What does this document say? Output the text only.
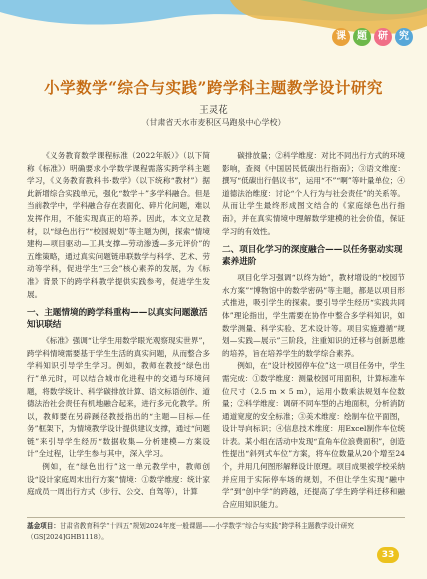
课	题	研	究
小学数学“综合与实践”跨学科主题教学设计研究
王灵花
（甘肃省天水市麦积区马跑泉中心学校）

《义务教育数学课程标准（2022年版）》（以下简称《标准》）明确要求小学数学课程需落实跨学科主题学习，《义务教育教科书·数学》（以下统称“教材”）据此新增综合实践单元，强化“数学＋”多学科融合。但是当前教学中，学科融合存在表面化、碎片化问题，难以发挥作用，不能实现真正的培养。因此，本文立足教材，以“绿色出行”“校园规划”等主题为例，探索“情境建构—项目驱动—工具支撑—劳动渗透—多元评价”的五维策略，通过真实问题链串联数学与科学、艺术、劳动等学科，促进学生“三会”核心素养的发展，为《标准》背景下的跨学科教学提供实践参考，促进学生发展。

一、主题情境的跨学科重构——以真实问题激活知识联结

《标准》强调“让学生用数学眼光观察现实世界”，跨学科情境需要基于学生生活的真实问题，从而整合多学科知识引导学生学习。例如，教师在教授“绿色出行”单元时，可以结合城市化进程中的交通与环境问题，将数学统计、科学碳排放计算、语文标语创作、道德法治社会责任有机地融合起来，进行多元化教学。所以，教师要在另辟蹊径教授指出的“主题—目标—任务”框架下，为情境教学设计提供建议支撑，通过“问题链”来引导学生经历“数据收集—分析建模—方案设计”全过程，让学生参与其中，深入学习。

例如，在“绿色出行”这一单元教学中，教师创设“设计家庭周末出行方案”情境：①数学维度：统计家庭成员一周出行方式（步行、公交、自驾等），计算

碳排放量；②科学维度：对比不同出行方式的环境影响，查阅《中国居民低碳出行指南》；③语文维度：撰写“低碳出行倡议书”，运用“不”“啊”等叶量单位；④道德法治维度：讨论“个人行为与社会责任”的关系等。从而让学生最终形成图文结合的《家庭绿色出行指南》，并在真实情境中理解数学建模的社会价值，保证学习的有效性。

二、项目化学习的深度融合——以任务驱动实现素养进阶

项目化学习强调“以终为始”，教材增设的“校园节水方案”“博物馆中的数学密码”等主题，都是以项目形式推进，吸引学生的探索。要引导学生经历“实践共同体”理论指出，学生需要在协作中整合多学科知识，如数学测量、科学实验、艺术设计等。项目实施遵循“规划—实践—展示”三阶段，注重知识的迁移与创新思维的培养，旨在培养学生的数学综合素养。

例如，在“设计校园停车位”这一项目任务中，学生需完成：①数学维度：测量校园可用面积，计算标准车位尺寸（2.5 m × 5 m），运用小数乘法规划车位数量；②科学维度：调研不同车型的占地面积，分析消防通道宽度的安全标准；③美术维度：绘制车位平面图，设计导向标识；④信息技术维度：用Excel制作车位统计表。某小组在活动中发现“直角车位浪费面积”，创造性提出“斜列式车位”方案，将车位数量从20个增至24个，并用几何图形解释设计原理。项目成果被学校采纳并应用于实际停车场的规划，不但让学生实现“融中学”到“创中学”的跨越，还提高了学生跨学科迁移和融合应用知识能力。

基金项目：甘肃省教育科学“十四五”规划2024年度一般课题——小学数学“综合与实践”跨学科主题教学设计研究（GS[2024]GHB1118）。
33
